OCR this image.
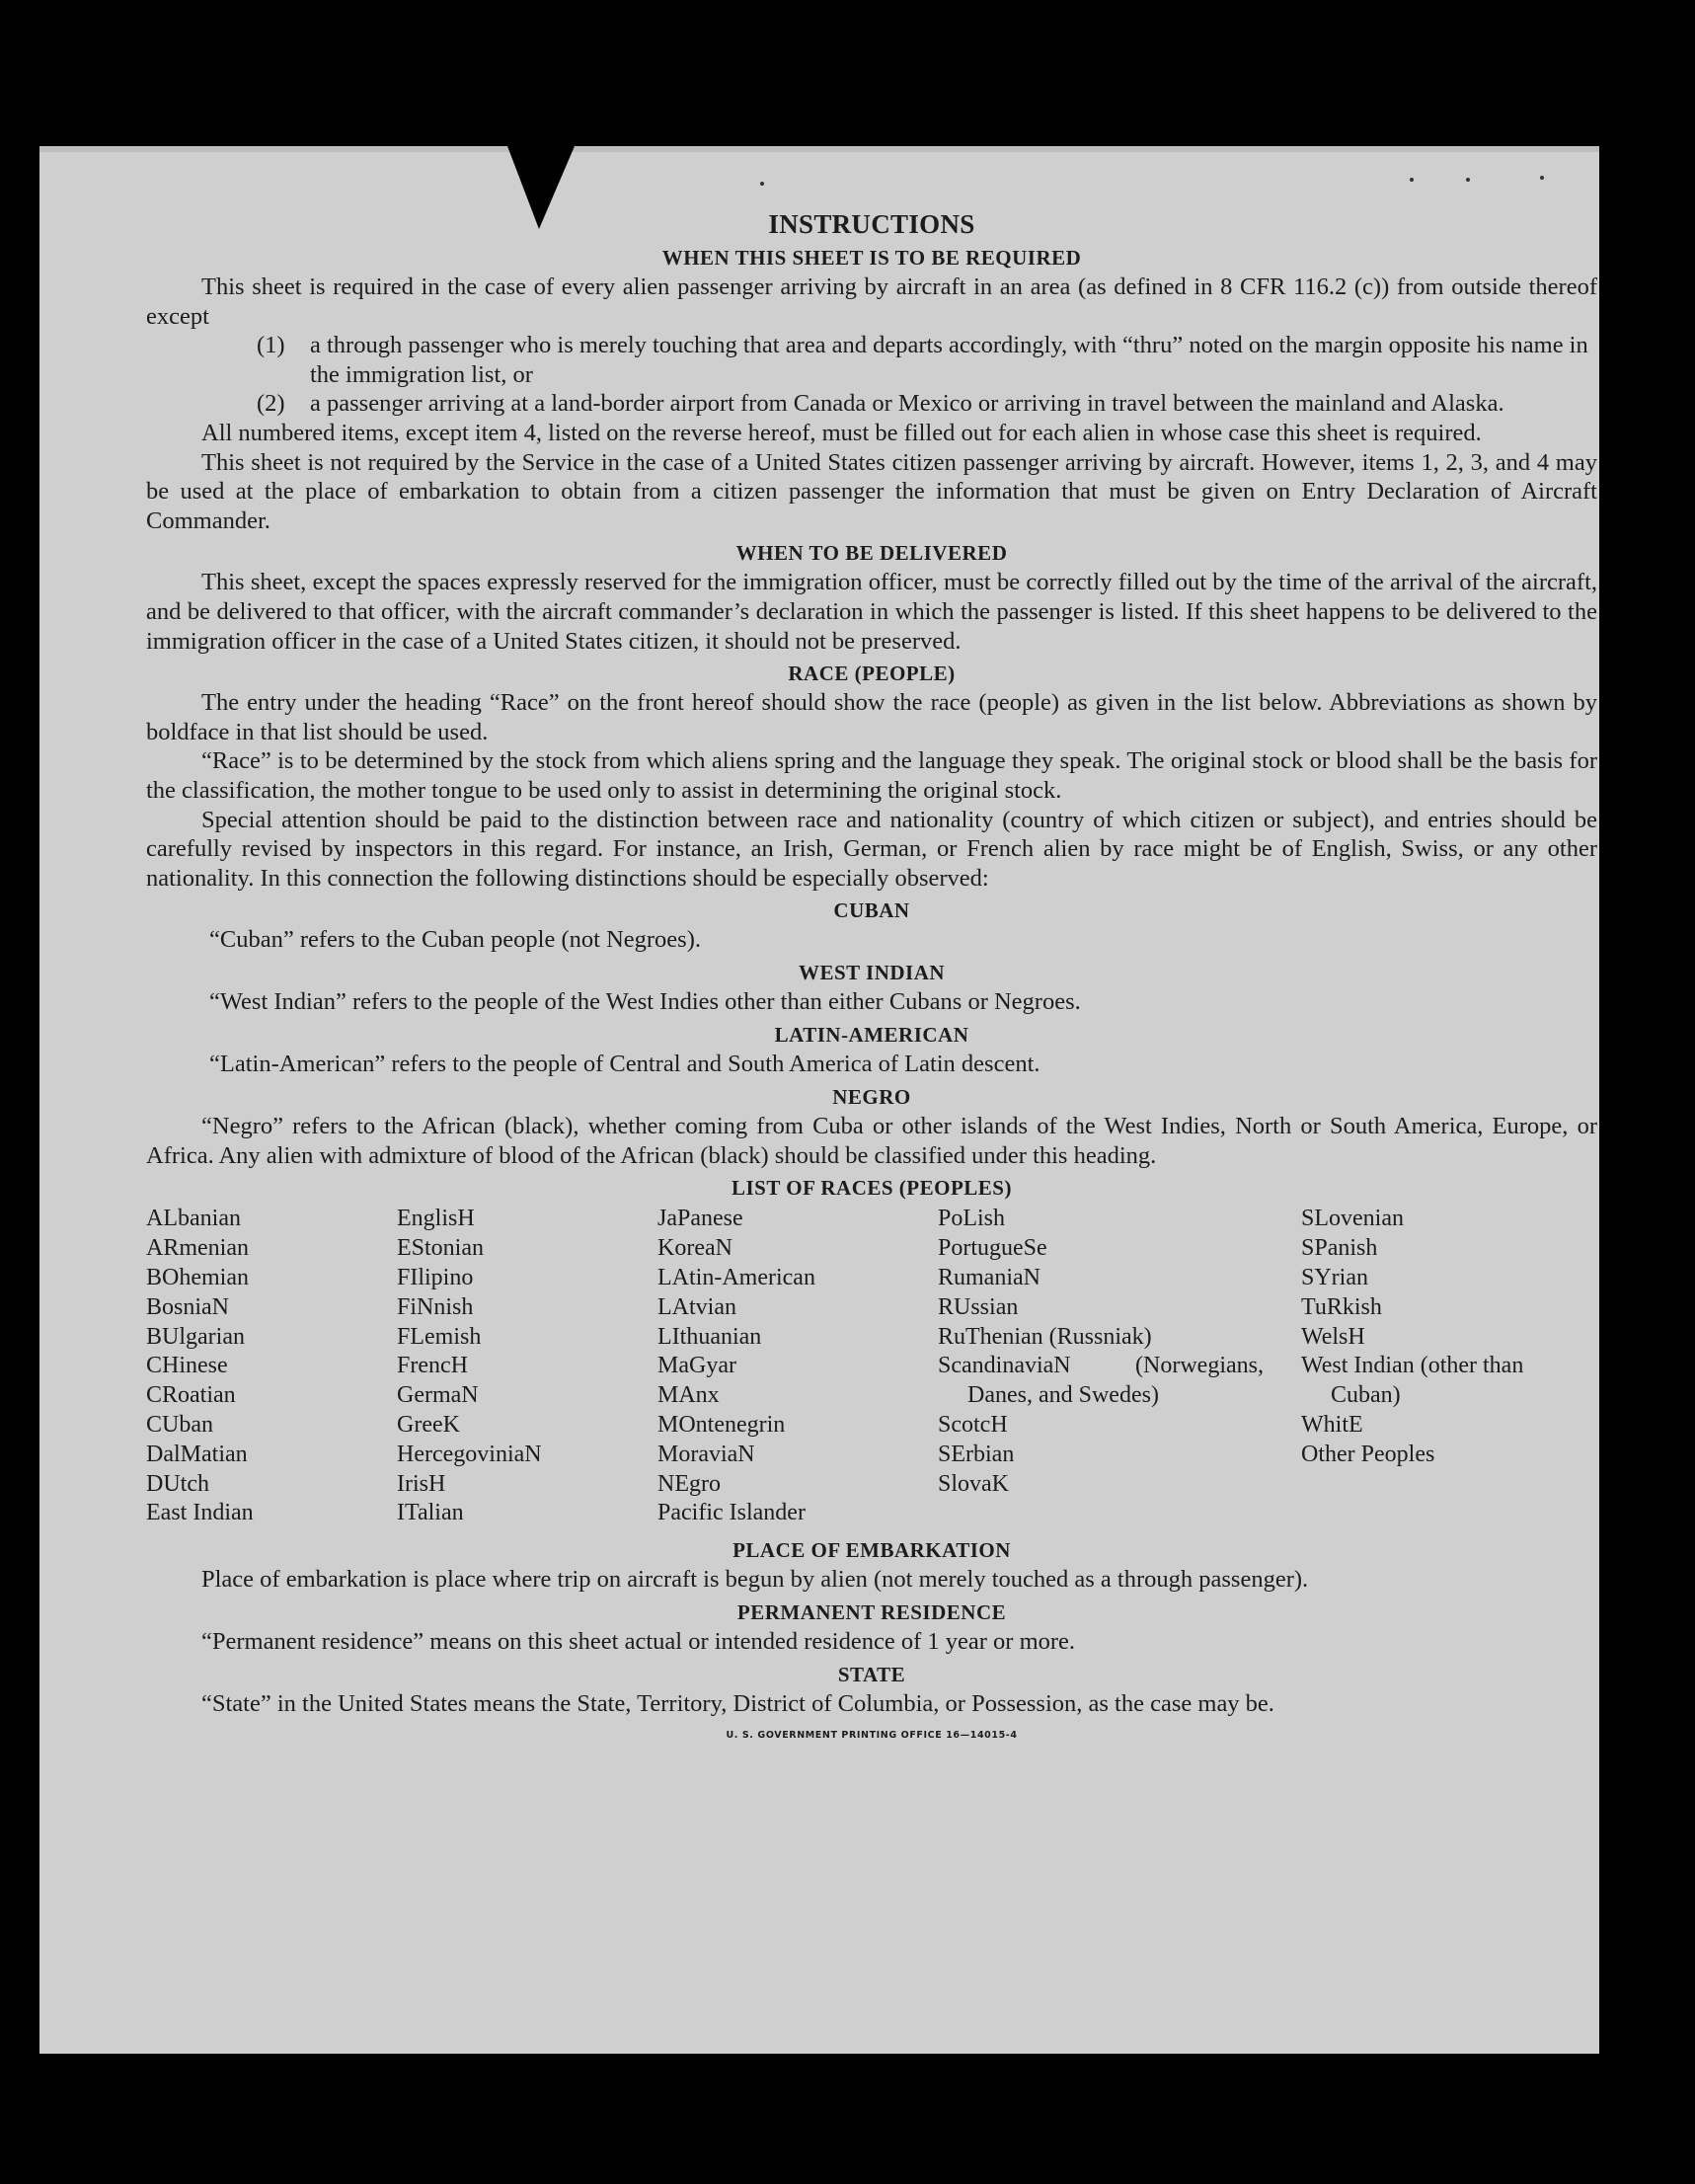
INSTRUCTIONS
WHEN THIS SHEET IS TO BE REQUIRED

This sheet is required in the case of every alien passenger arriving by aircraft in an area (as defined in 8 CFR 116.2 (c)) from outside thereof except

(1)	a through passenger who is merely touching that area and departs accordingly, with “thru” noted on the margin opposite his name in the immigration list, or
(2)	a passenger arriving at a land-border airport from Canada or Mexico or arriving in travel between the mainland and Alaska.

All numbered items, except item 4, listed on the reverse hereof, must be filled out for each alien in whose case this sheet is required.

This sheet is not required by the Service in the case of a United States citizen passenger arriving by aircraft. However, items 1, 2, 3, and 4 may be used at the place of embarkation to obtain from a citizen passenger the information that must be given on Entry Declaration of Aircraft Commander.

WHEN TO BE DELIVERED

This sheet, except the spaces expressly reserved for the immigration officer, must be correctly filled out by the time of the arrival of the aircraft, and be delivered to that officer, with the aircraft commander’s declaration in which the passenger is listed. If this sheet happens to be delivered to the immigration officer in the case of a United States citizen, it should not be preserved.

RACE (PEOPLE)

The entry under the heading “Race” on the front hereof should show the race (people) as given in the list below. Abbreviations as shown by boldface in that list should be used.

“Race” is to be determined by the stock from which aliens spring and the language they speak. The original stock or blood shall be the basis for the classification, the mother tongue to be used only to assist in determining the original stock.

Special attention should be paid to the distinction between race and nationality (country of which citizen or subject), and entries should be carefully revised by inspectors in this regard. For instance, an Irish, German, or French alien by race might be of English, Swiss, or any other nationality. In this connection the following distinctions should be especially observed:

CUBAN
“Cuban” refers to the Cuban people (not Negroes).
WEST INDIAN
“West Indian” refers to the people of the West Indies other than either Cubans or Negroes.
LATIN-AMERICAN
“Latin-American” refers to the people of Central and South America of Latin descent.
NEGRO

“Negro” refers to the African (black), whether coming from Cuba or other islands of the West Indies, North or South America, Europe, or Africa. Any alien with admixture of blood of the African (black) should be classified under this heading.

LIST OF RACES (PEOPLES)
ALbanian
ARmenian
BOhemian
BosniaN
BUlgarian
CHinese
CRoatian
CUban
DalMatian
DUtch
East Indian
EnglisH
EStonian
FIlipino
FiNnish
FLemish
FrencH
GermaN
GreeK
HercegoviniaN
IrisH
ITalian
JaPanese
KoreaN
LAtin-American
LAtvian
LIthuanian
MaGyar
MAnx
MOntenegrin
MoraviaN
NEgro
Pacific Islander
PoLish
PortugueSe
RumaniaN
RUssian
RuThenian (Russniak)
ScandinaviaN (Norwegians, Danes, and Swedes)
ScotcH
SErbian
SlovaK
SLovenian
SPanish
SYrian
TuRkish
WelsH
West Indian (other than Cuban)
WhitE
Other Peoples
PLACE OF EMBARKATION

Place of embarkation is place where trip on aircraft is begun by alien (not merely touched as a through passenger).

PERMANENT RESIDENCE

“Permanent residence” means on this sheet actual or intended residence of 1 year or more.

STATE

“State” in the United States means the State, Territory, District of Columbia, or Possession, as the case may be.

U. S. GOVERNMENT PRINTING OFFICE 16—14015-4
